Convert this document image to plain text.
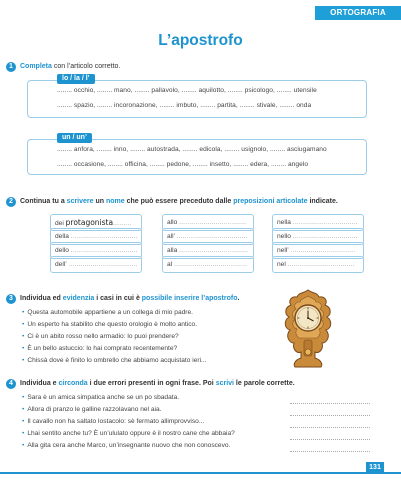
ORTOGRAFIA
L’apostrofo
1	Completa con l’articolo corretto.
lo / la / l’
........ occhio, ........ mano, ........ pallavolo, ........ aquilotto, ........ psicologo, ........ utensile
........ spazio, ........ incoronazione, ........ imbuto, ........ partita, ........ stivale, ........ onda
un / un’
........ anfora, ........ inno, ........ autostrada, ........ edicola, ........ usignolo, ........ asciugamano
........ occasione, ........ officina, ........ pedone, ........ insetto, ........ edera, ........ angelo
2	Continua tu a scrivere un nome che può essere preceduto dalle preposizioni articolate indicate.
dei protagonista.........
della .................................
dello .................................
dell’ ..................................
allo .................................
all’ ...................................
alla ..................................
al ....................................
nella ................................
nello ................................
nell’ ................................
nel .................................
3	Individua ed evidenzia i casi in cui è possibile inserire l’apostrofo.
• Questa automobile appartiene a un collega di mio padre.
• Un esperto ha stabilito che questo orologio è molto antico.
• Ci è un abito rosso nello armadio: lo puoi prendere?
• È un bello astuccio: lo hai comprato recentemente?
• Chissà dove è finito lo ombrello che abbiamo acquistato ieri...
4	Individua e circonda i due errori presenti in ogni frase. Poi scrivi le parole corrette.
• Sara è un amica simpatica anche se un po sbadata.
• Allora di pranzo le galline razzolavano nel aia.
• Il cavallo non ha saltato lostacolo: sè fermato allimprovviso...
• Lhai sentito anche tu? È un’ululato oppure è il nostro cane che abbaia?
• Alla gita cera anche Marco, un’insegnante nuovo che non conoscevo.
131
